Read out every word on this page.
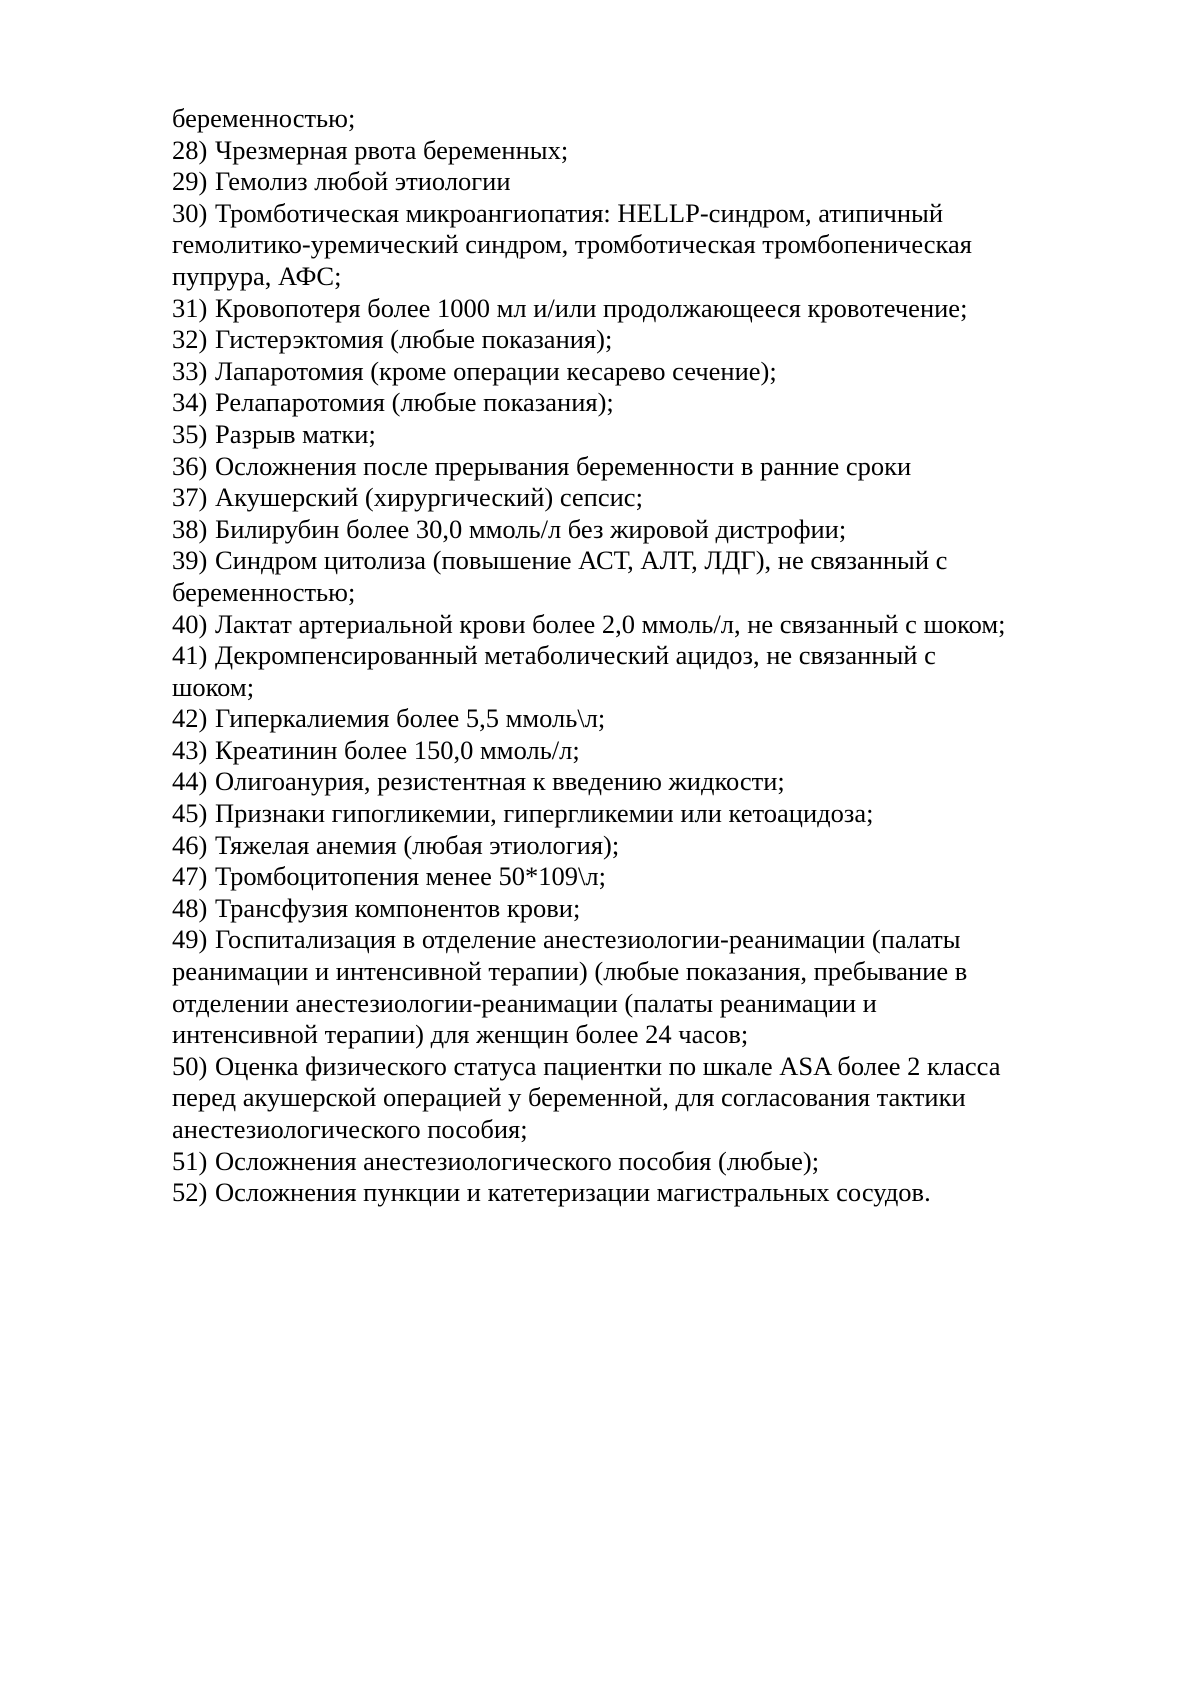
беременностью;
28) Чрезмерная рвота беременных;
29) Гемолиз любой этиологии
30) Тромботическая микроангиопатия: HELLP-синдром, атипичный
гемолитико-уремический синдром, тромботическая тромбопеническая
пупрура, АФС;
31) Кровопотеря более 1000 мл и/или продолжающееся кровотечение;
32) Гистерэктомия (любые показания);
33) Лапаротомия (кроме операции кесарево сечение);
34) Релапаротомия (любые показания);
35) Разрыв матки;
36) Осложнения после прерывания беременности в ранние сроки
37) Акушерский (хирургический) сепсис;
38) Билирубин более 30,0 ммоль/л без жировой дистрофии;
39) Синдром цитолиза (повышение АСТ, АЛТ, ЛДГ), не связанный с
беременностью;
40) Лактат артериальной крови более 2,0 ммоль/л, не связанный с шоком;
41) Декромпенсированный метаболический ацидоз, не связанный с
шоком;
42) Гиперкалиемия более 5,5 ммоль\л;
43) Креатинин более 150,0 ммоль/л;
44) Олигоанурия, резистентная к введению жидкости;
45) Признаки гипогликемии, гипергликемии или кетоацидоза;
46) Тяжелая анемия (любая этиология);
47) Тромбоцитопения менее 50*109\л;
48) Трансфузия компонентов крови;
49) Госпитализация в отделение анестезиологии-реанимации (палаты
реанимации и интенсивной терапии) (любые показания, пребывание в
отделении анестезиологии-реанимации (палаты реанимации и
интенсивной терапии) для женщин более 24 часов;
50) Оценка физического статуса пациентки по шкале ASA более 2 класса
перед акушерской операцией у беременной, для согласования тактики
анестезиологического пособия;
51) Осложнения анестезиологического пособия (любые);
52) Осложнения пункции и катетеризации магистральных сосудов.
